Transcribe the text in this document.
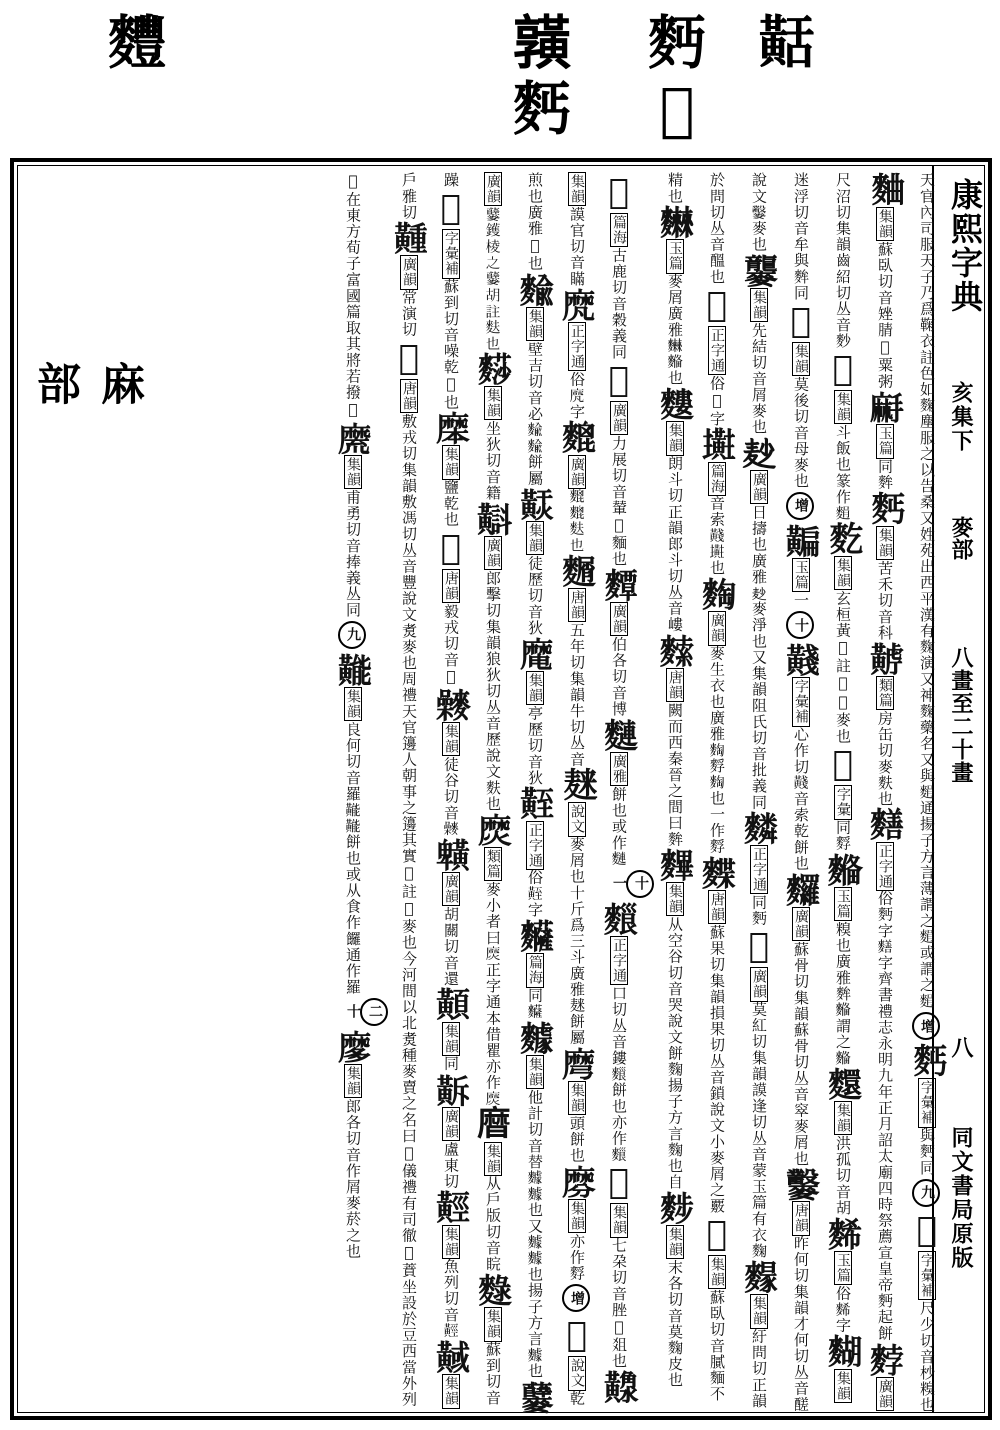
𪎾
麪
𪎷
𪏆
麫
麷
康熙字典
亥集下
麥部
八畫至二十畫
八
同文書局原版
天官內司服天子乃爲鞠衣註色如麴塵服之以告桑又姓苑出西平漢有麴演又神麴藥名又與𪌭通揚子方言薄謂之𪌭或謂之𪌭增麫字彙補與麪同九𪍷字彙補尺少切音杪糗也麯集韻蘇臥切音矬腈𪍯粟粥𪎚玉篇同麰麫集韻苦禾切音科𪏏類篇房缶切麥麩也𪍶正字通俗麪字𪍶字齊書禮志永明九年正月詔太廟四時祭薦宣皇帝麪起餅𪌰廣韻尺沼切集韻齒紹切丛音麨𪎷集韻斗飯也篆作𪌭麧集韻玄桓黃𪎷註𪏆𪎷麥也𪎈字彙同䴸𪍞玉篇糗也廣雅麰𪍞謂之𪍞𪍺集韻洪孤切音胡𪌹玉篇俗𪌹字𪍒集韻迷浮切音牟與麰同𪎉集韻莫後切音母麥也增𪏗玉篇一十𪏊字彙補心作切𪏊音索乾餅也𪎆廣韻蘇骨切集韻蘇骨切丛音窣麥屑也𪎇唐韻昨何切集韻才何切丛音醝說文𪎇麥也𪎁集韻先結切音屑麥也𪎊廣韻日擣也廣雅𪎊麥淨也又集韻阻氏切音批義同𪍴正字通同麪𪍙廣韻莫紅切集韻謨逢切丛音蒙玉篇有衣麴𪍭集韻紆問切正韻於問切丛音醞也𪍊正字通俗𪍊字𪏜篇海音索𪏊𪏜也𪌼廣韻麥生衣也廣雅𪌼䴸𪌼也一作䴸𪍐唐韻蘇果切集韻損果切丛音鎖說文小麥屑之覈𪍕集韻蘇臥切音膩麵不精也𪎂玉篇麥屑廣雅𪎂𪍞也𪍣集韻朗斗切正韻郎斗切丛音嶁𪍟唐韻闕而西秦晉之間曰麰𪍪集韻从空谷切音哭說文餅麴揚子方言麴也自𪌷集韻末各切音莫麴皮也𪎏篇海古鹿切音穀義同𪎐廣韻力展切音輦𪎐麵也𪍵廣韻伯各切音博𪍦廣雅餅也或作𪍦十一𪍔正字通口切丛音鏤𪍔餅也亦作𪍔𪏃集韻七朶切音脞𪏃爼也𪏠集韻謨官切音瞞𪎒正字通俗𪎒字𪍜廣韻𪍜𪍜麩也𪍛唐韻五年切集韻牛切丛音𪎌說文麥屑也十斤爲三斗廣雅𪎌餅屬𪎔集韻頭餅也𪎕集韻亦作䴸增𪍯說文乾煎也廣雅𪍯也𪍍集韻壁吉切音必𪍍𪍍餅屬𪏂集韻徒歷切音狄𪎜集韻亭歷切音狄𪏀正字通俗𪏀字𪎅篇海同𪎅𪍸集韻他計切音替𪍸𪍸也又𪍸𪍸也揚子方言𪍸也𪎃廣韻𪎃鑊棱之𪎃胡註麩也𪍬集韻坐狄切音籍𪏡廣韻郎擊切集韻狼狄切丛音歷說文麩也𪎖類篇麥小者曰𪎖正字通本借瞿亦作𪎖𪎗集韻从戶版切音睆𪍄集韻蘇到切音躁𪎙字彙補蘇到切音噪乾𪎙也𪎝集韻鹽乾也𪏄唐韻毅戎切音𪏄𪍻集韻徒谷切音𪍻𪏒廣韻胡關切音還𪏔集韻同𪎺廣韻盧東切𪏅集韻魚列切音𪏅𪏇集韻戶雅切𪏘廣韻常演切𪎟唐韻敷戎切集韻敷馮切丛音豐說文煑麥也周禮天官籩人朝事之籩其實𪎟註𪎟麥也今河間以北煑種麥賣之名曰𪎟儀禮有司徹𪎟蕡坐設於豆西當外列𪎟在東方荀子富國篇取其將若撥𪎟𪎣集韻甫勇切音捧義丛同九𪏛集韻良何切音羅𪏛𪏛餅也或从食作饠通作羅二十𪎠集韻郎各切音作屑麥菸之也
麻部
